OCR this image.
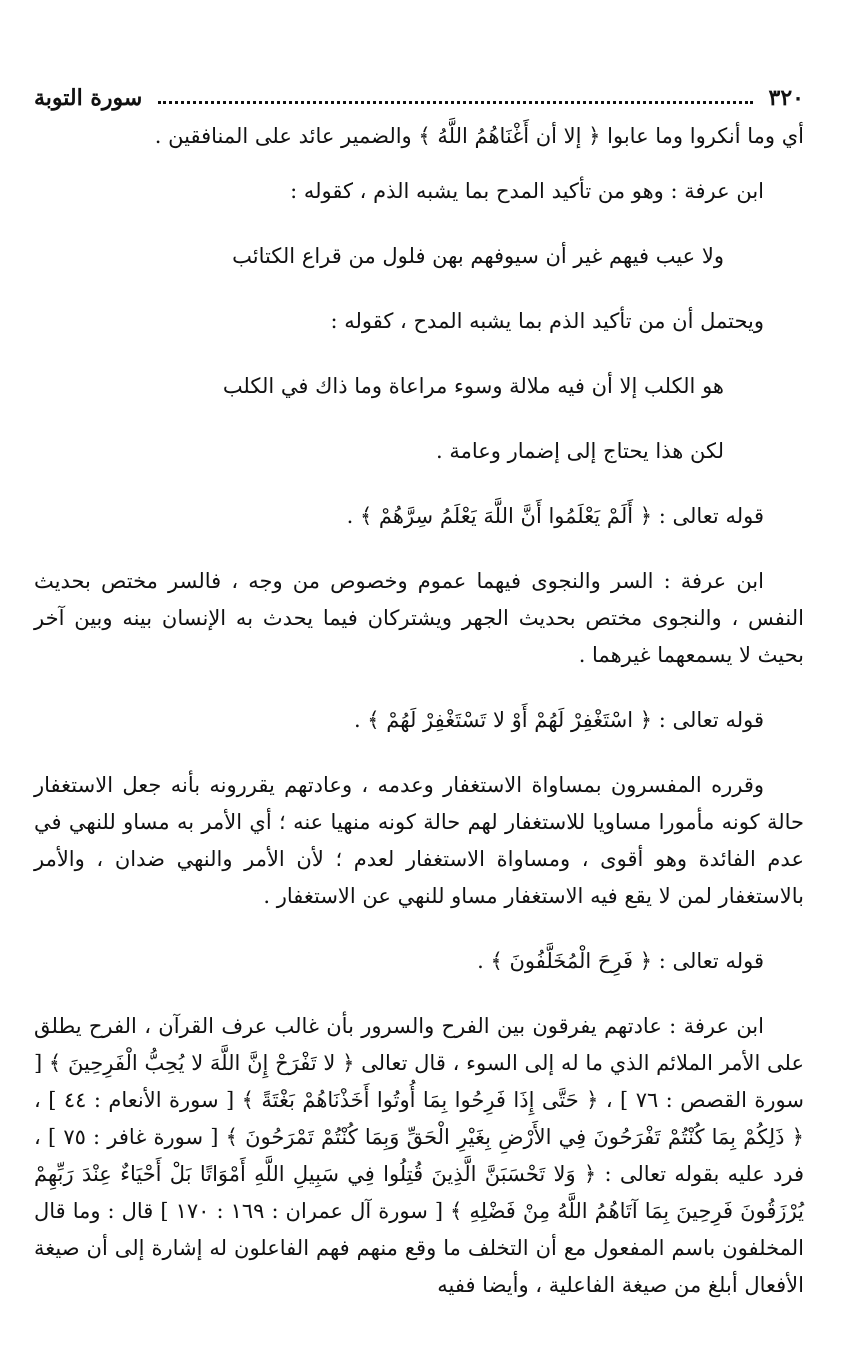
٣٢٠
سورة التوبة

أي وما أنكروا وما عابوا ﴿ إلا أن أَغْنَاهُمُ اللَّهُ ﴾ والضمير عائد على المنافقين .

ابن عرفة : وهو من تأكيد المدح بما يشبه الذم ، كقوله :

ولا عيب فيهم غير أن سيوفهم بهن فلول من قراع الكتائب

ويحتمل أن من تأكيد الذم بما يشبه المدح ، كقوله :

هو الكلب إلا أن فيه ملالة وسوء مراعاة وما ذاك في الكلب

لكن هذا يحتاج إلى إضمار وعامة .

قوله تعالى : ﴿ أَلَمْ يَعْلَمُوا أَنَّ اللَّهَ يَعْلَمُ سِرَّهُمْ ﴾ .

ابن عرفة : السر والنجوى فيهما عموم وخصوص من وجه ، فالسر مختص بحديث النفس ، والنجوى مختص بحديث الجهر ويشتركان فيما يحدث به الإنسان بينه وبين آخر بحيث لا يسمعهما غيرهما .

قوله تعالى : ﴿ اسْتَغْفِرْ لَهُمْ أَوْ لا تَسْتَغْفِرْ لَهُمْ ﴾ .

وقرره المفسرون بمساواة الاستغفار وعدمه ، وعادتهم يقررونه بأنه جعل الاستغفار حالة كونه مأمورا مساويا للاستغفار لهم حالة كونه منهيا عنه ؛ أي الأمر به مساو للنهي في عدم الفائدة وهو أقوى ، ومساواة الاستغفار لعدم ؛ لأن الأمر والنهي ضدان ، والأمر بالاستغفار لمن لا يقع فيه الاستغفار مساو للنهي عن الاستغفار .

قوله تعالى : ﴿ فَرِحَ الْمُخَلَّفُونَ ﴾ .

ابن عرفة : عادتهم يفرقون بين الفرح والسرور بأن غالب عرف القرآن ، الفرح يطلق على الأمر الملائم الذي ما له إلى السوء ، قال تعالى ﴿ لا تَفْرَحْ إِنَّ اللَّهَ لا يُحِبُّ الْفَرِحِينَ ﴾ [ سورة القصص : ٧٦ ] ، ﴿ حَتَّى إِذَا فَرِحُوا بِمَا أُوتُوا أَخَذْنَاهُمْ بَغْتَةً ﴾ [ سورة الأنعام : ٤٤ ] ، ﴿ ذَلِكُمْ بِمَا كُنْتُمْ تَفْرَحُونَ فِي الأَرْضِ بِغَيْرِ الْحَقِّ وَبِمَا كُنْتُمْ تَمْرَحُونَ ﴾ [ سورة غافر : ٧٥ ] ، فرد عليه بقوله تعالى : ﴿ وَلا تَحْسَبَنَّ الَّذِينَ قُتِلُوا فِي سَبِيلِ اللَّهِ أَمْوَاتًا بَلْ أَحْيَاءٌ عِنْدَ رَبِّهِمْ يُرْزَقُونَ فَرِحِينَ بِمَا آتَاهُمُ اللَّهُ مِنْ فَضْلِهِ ﴾ [ سورة آل عمران : ١٦٩ : ١٧٠ ] قال : وما قال المخلفون باسم المفعول مع أن التخلف ما وقع منهم فهم الفاعلون له إشارة إلى أن صيغة الأفعال أبلغ من صيغة الفاعلية ، وأيضا ففيه
